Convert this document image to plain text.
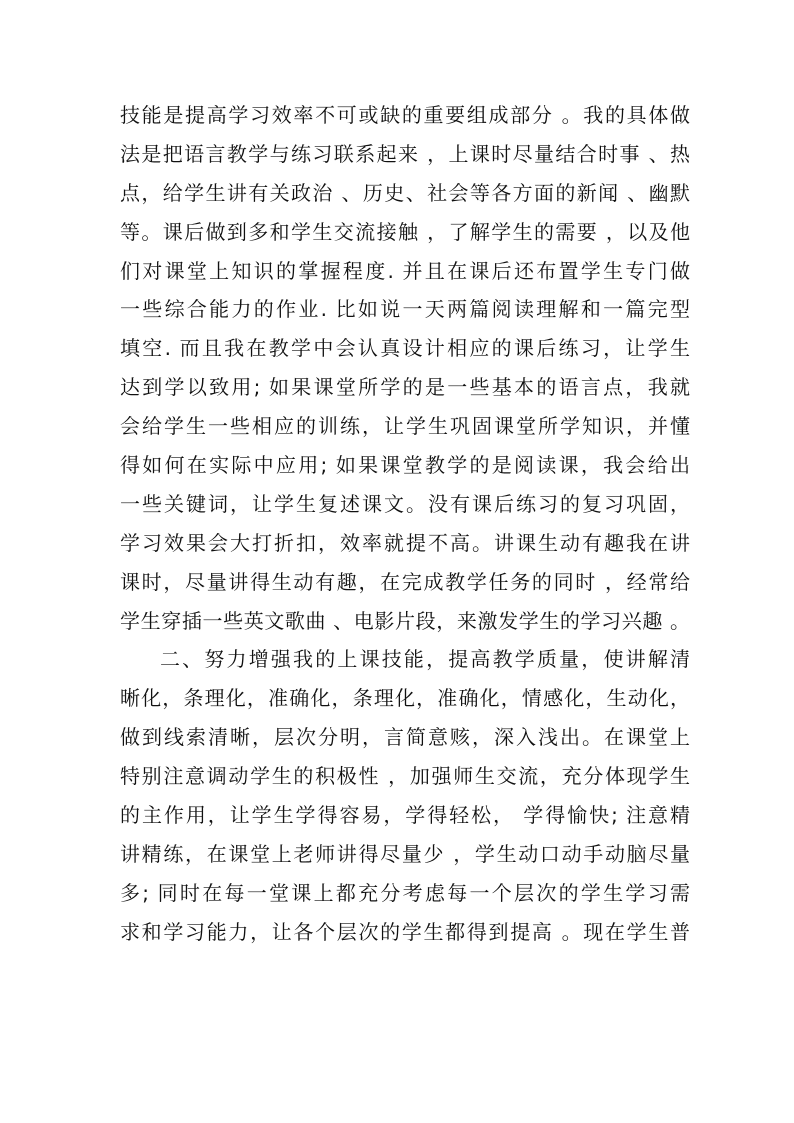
技能是提高学习效率不可或缺的重要组成部分 。我的具体做
法是把语言教学与练习联系起来 ，上课时尽量结合时事 、热
点，给学生讲有关政治 、历史、社会等各方面的新闻 、幽默
等。课后做到多和学生交流接触 ，了解学生的需要 ，以及他
们对课堂上知识的掌握程度. 并且在课后还布置学生专门做
一些综合能力的作业. 比如说一天两篇阅读理解和一篇完型
填空. 而且我在教学中会认真设计相应的课后练习，让学生
达到学以致用; 如果课堂所学的是一些基本的语言点，我就
会给学生一些相应的训练，让学生巩固课堂所学知识，并懂
得如何在实际中应用; 如果课堂教学的是阅读课，我会给出
一些关键词，让学生复述课文。没有课后练习的复习巩固，
学习效果会大打折扣，效率就提不高。讲课生动有趣我在讲
课时，尽量讲得生动有趣，在完成教学任务的同时 ，经常给
学生穿插一些英文歌曲 、电影片段，来激发学生的学习兴趣 。
二、努力增强我的上课技能，提高教学质量，使讲解清
晰化，条理化，准确化，条理化，准确化，情感化，生动化，
做到线索清晰，层次分明，言简意赅，深入浅出。在课堂上
特别注意调动学生的积极性 ，加强师生交流，充分体现学生
的主作用，让学生学得容易，学得轻松， 学得愉快; 注意精
讲精练，在课堂上老师讲得尽量少 ，学生动口动手动脑尽量
多; 同时在每一堂课上都充分考虑每一个层次的学生学习需
求和学习能力，让各个层次的学生都得到提高 。现在学生普
